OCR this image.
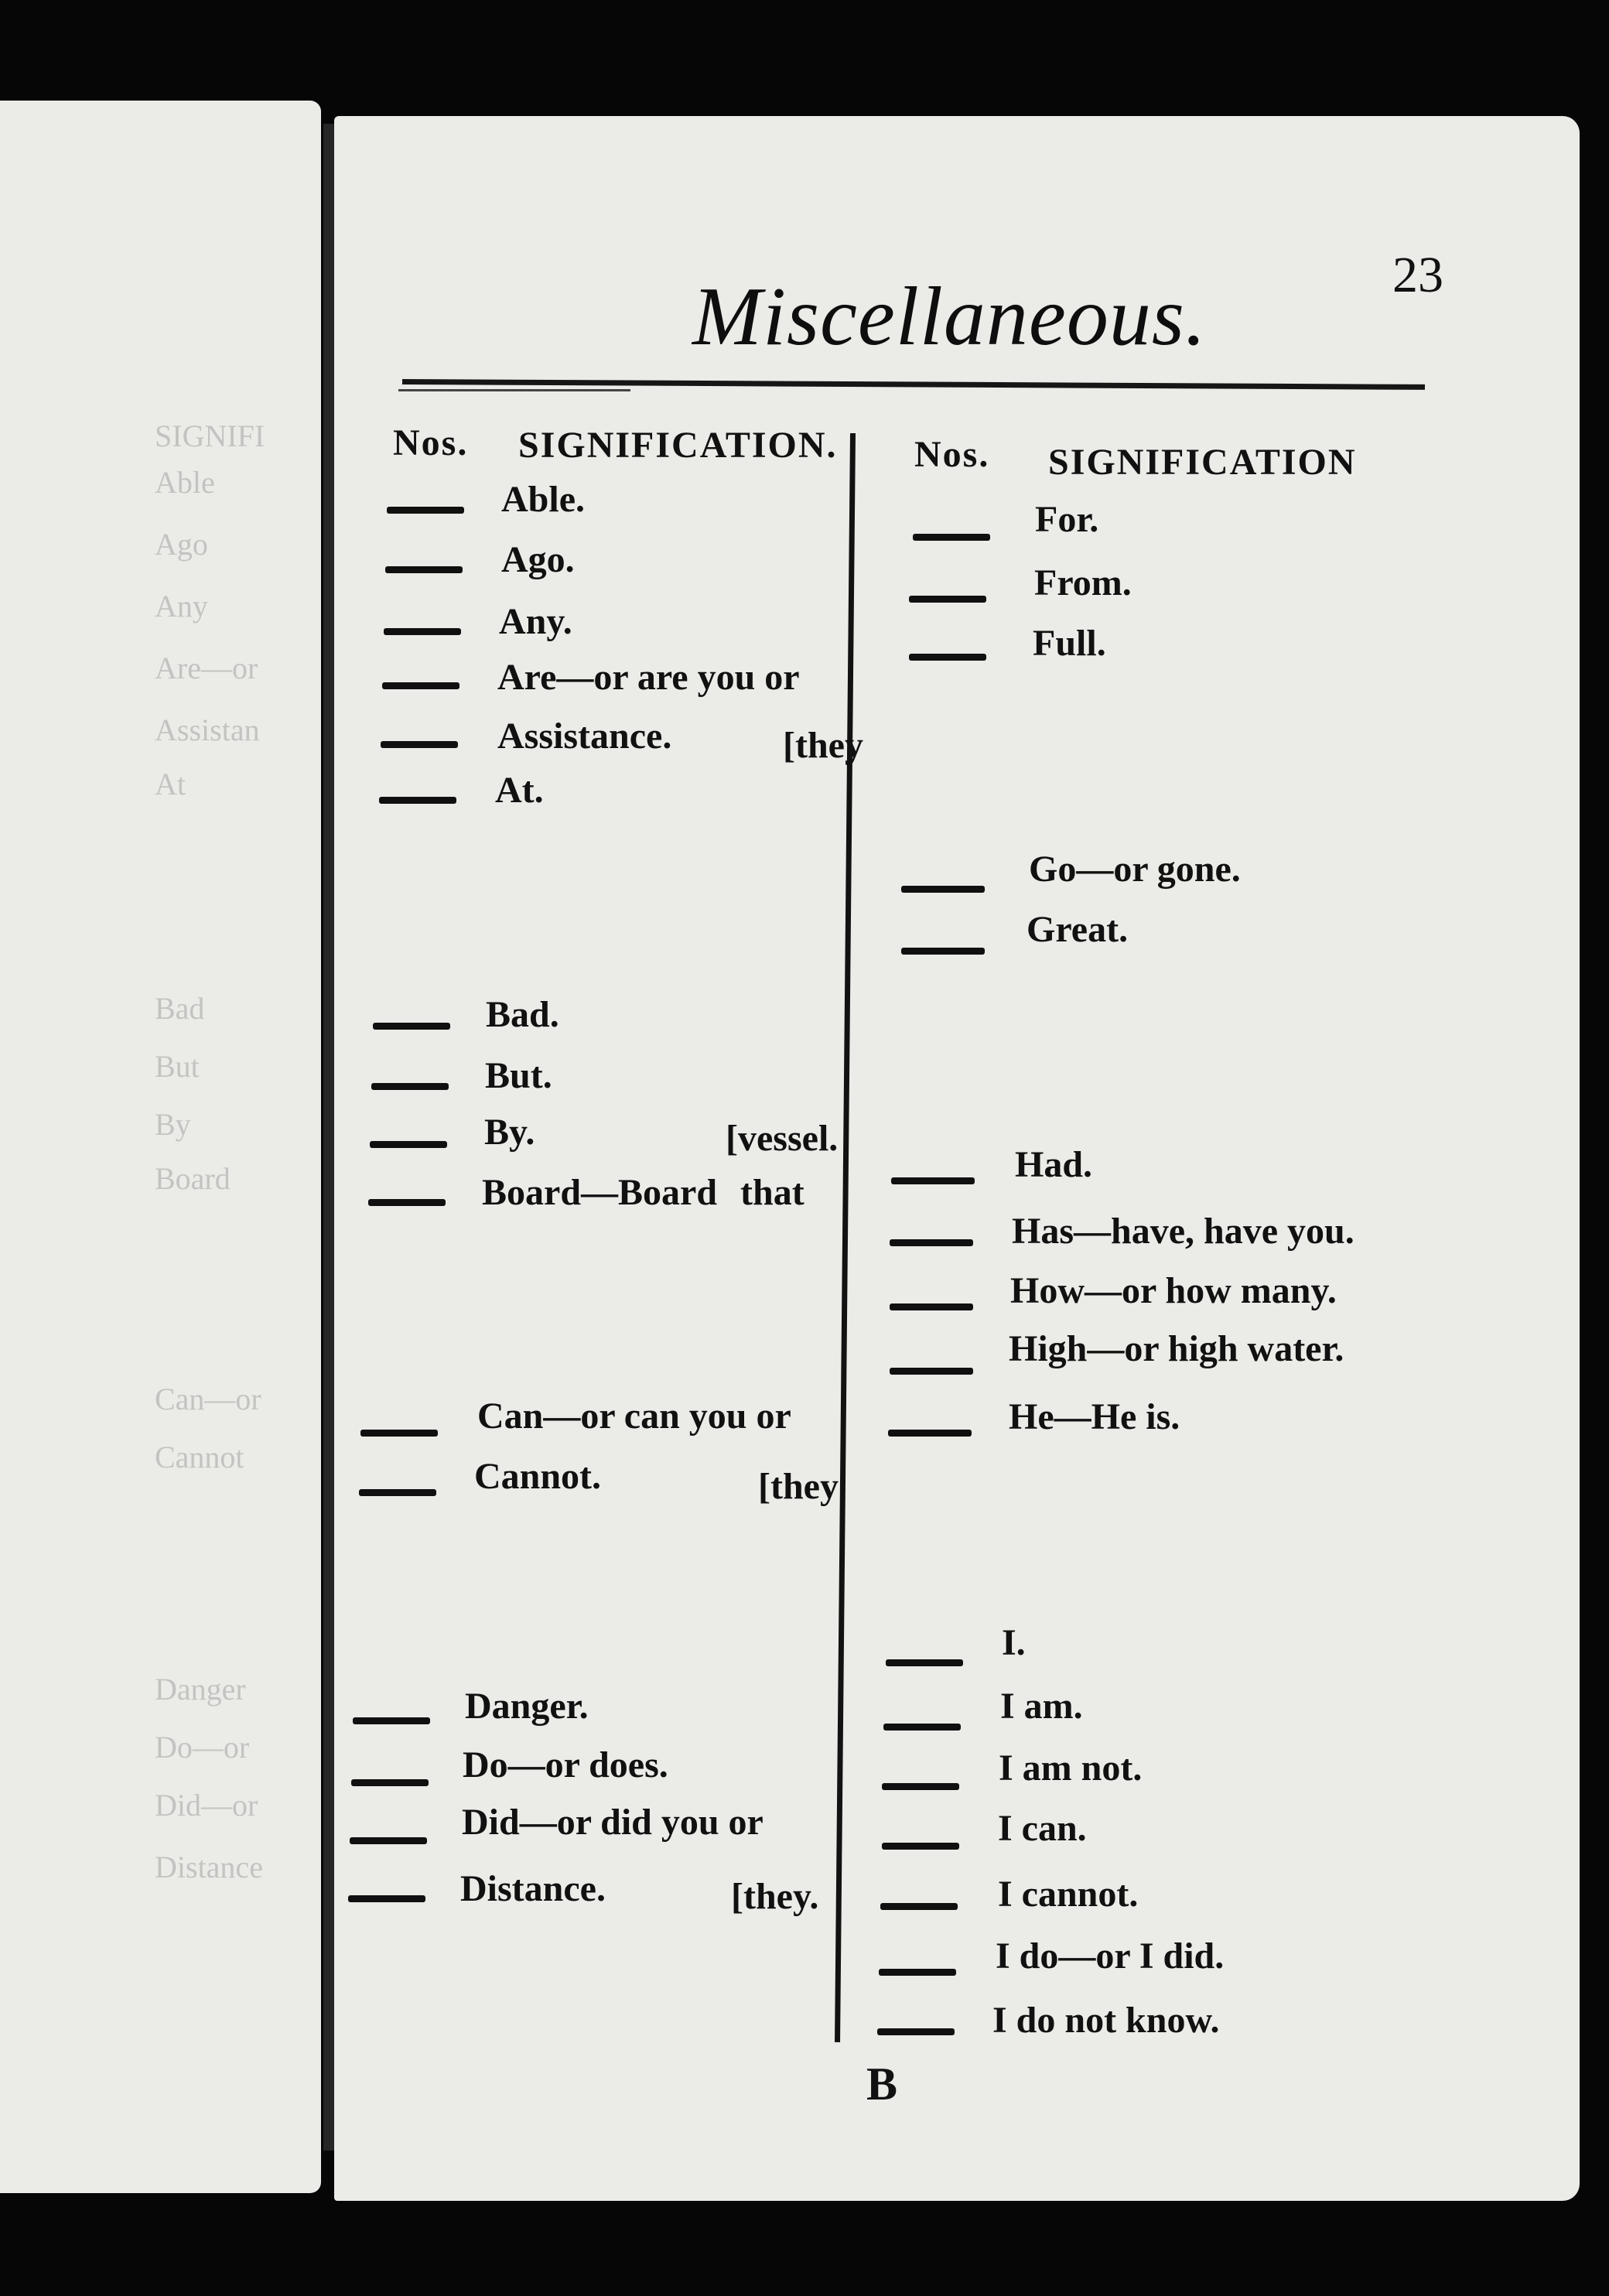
SIGNIFI
Able
Ago
Any
Are—or
Assistan
At
Bad
But
By
Board
Can—or
Cannot
Danger
Do—or
Did—or
Distance
23
Miscellaneous.
Nos. SIGNIFICATION. Nos. SIGNIFICATION
Able.
Ago.
Any.
Are—or are you or
Assistance.	[they
At.
Bad.
But.
By.	[vessel.
Board—Board that
Can—or can you or
Cannot.	[they
Danger.
Do—or does.
Did—or did you or
Distance.	[they.
For.
From.
Full.
Go—or gone.
Great.
Had.
Has—have, have you.
How—or how many.
High—or high water.
He—He is.
I.
I am.
I am not.
I can.
I cannot.
I do—or I did.
I do not know.
B
